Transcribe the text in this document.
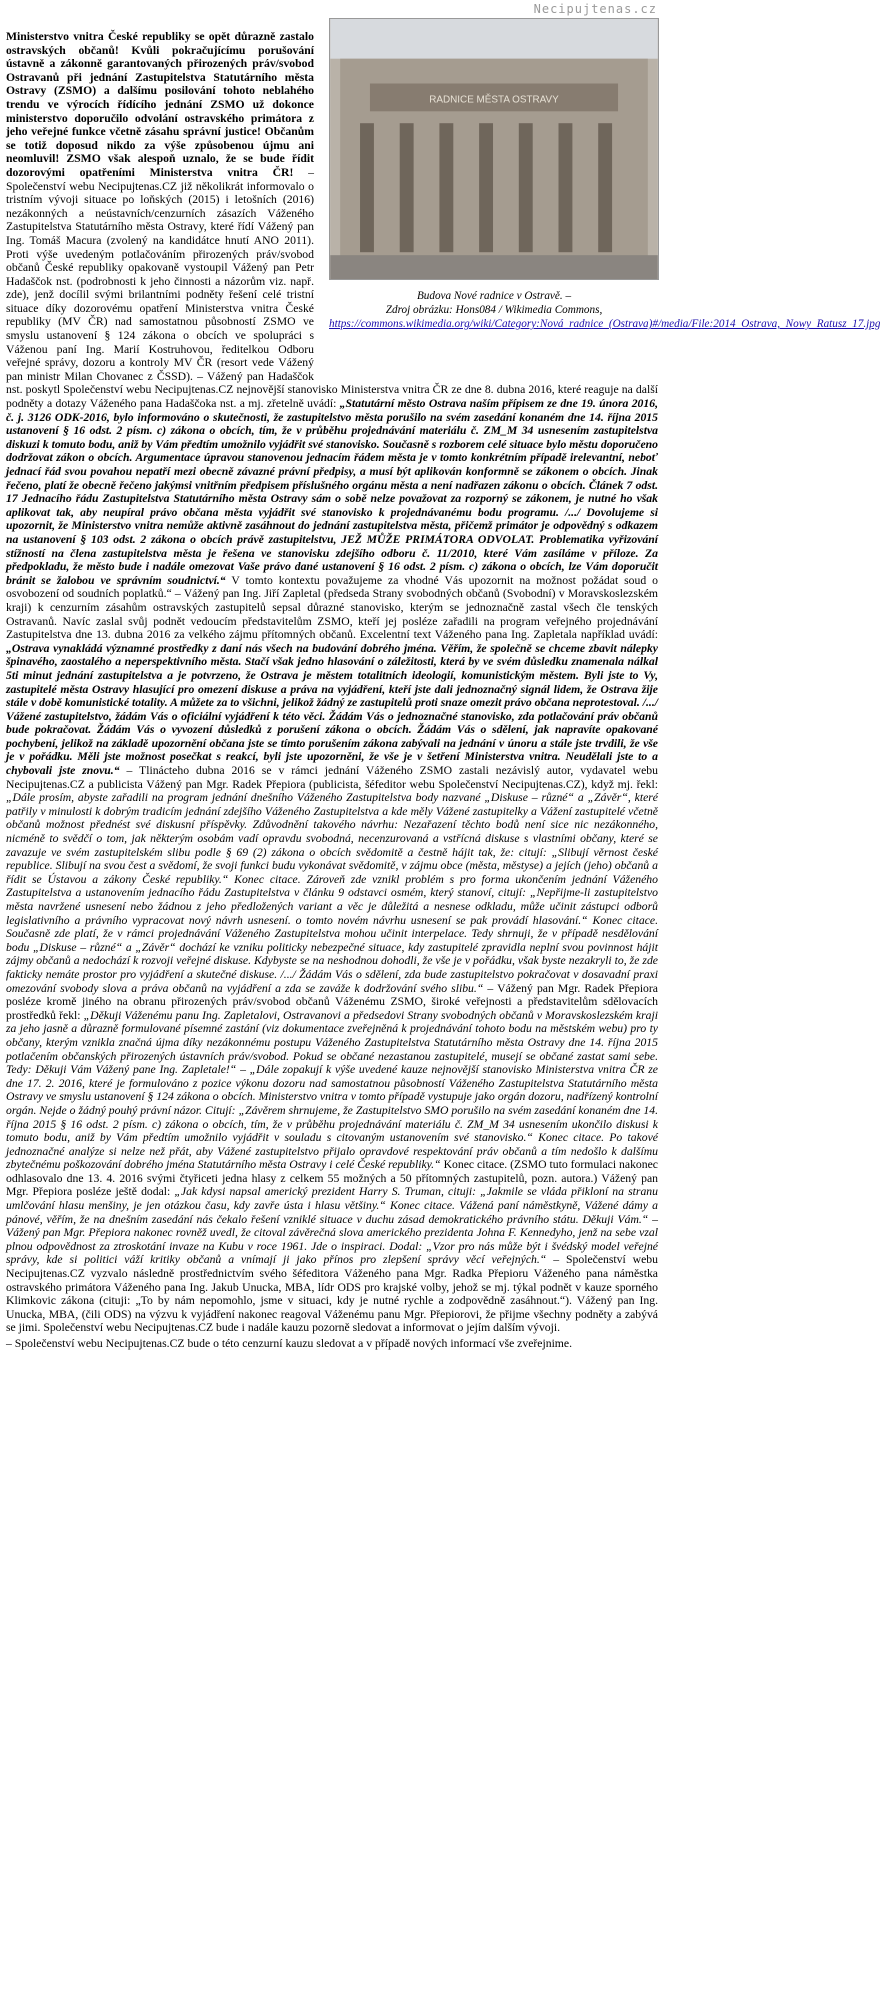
Necipujtenas.cz
RADNICE MĚSTA OSTRAVY
Budova Nové radnice v Ostravě. –
Zdroj obrázku: Hons084 / Wikimedia Commons,
https://commons.wikimedia.org/wiki/Category:Nová_radnice_(Ostrava)#/media/File:2014_Ostrava,_Nowy_Ratusz_17.jpg

Ministerstvo vnitra České republiky se opět důrazně zastalo ostravských občanů! Kvůli pokračujícímu porušování ústavně a zákonně garantovaných přirozených práv/svobod Ostravanů při jednání Zastupitelstva Statutárního města Ostravy (ZSMO) a dalšímu posilování tohoto neblahého trendu ve výrocích řídícího jednání ZSMO už dokonce ministerstvo doporučilo odvolání ostravského primátora z jeho veřejné funkce včetně zásahu správní justice! Občanům se totiž doposud nikdo za výše způsobenou újmu ani neomluvil! ZSMO však alespoň uznalo, že se bude řídit dozorovými opatřeními Ministerstva vnitra ČR! – Společenství webu Necipujtenas.CZ již několikrát informovalo o tristním vývoji situace po loňských (2015) i letošních (2016) nezákonných a neústavních/cenzurních zásazích Váženého Zastupitelstva Statutárního města Ostravy, které řídí Vážený pan Ing. Tomáš Macura (zvolený na kandidátce hnutí ANO 2011). Proti výše uvedeným potlačováním přirozených práv/svobod občanů České republiky opakovaně vystoupil Vážený pan Petr Hadaščok nst. (podrobnosti k jeho činnosti a názorům viz. např. zde), jenž docílil svými brilantními podněty řešení celé tristní situace díky dozorovému opatření Ministerstva vnitra České republiky (MV ČR) nad samostatnou působností ZSMO ve smyslu ustanovení § 124 zákona o obcích ve spolupráci s Váženou paní Ing. Marií Kostruhovou, ředitelkou Odboru veřejné správy, dozoru a kontroly MV ČR (resort vede Vážený pan ministr Milan Chovanec z ČSSD). – Vážený pan Hadaščok nst. poskytl Společenství webu Necipujtenas.CZ nejnovější stanovisko Ministerstva vnitra ČR ze dne 8. dubna 2016, které reaguje na další podněty a dotazy Váženého pana Hadaščoka nst. a mj. zřetelně uvádí: „Statutární město Ostrava naším přípisem ze dne 19. února 2016, č. j. 3126 ODK-2016, bylo informováno o skutečnosti, že zastupitelstvo města porušilo na svém zasedání konaném dne 14. října 2015 ustanovení § 16 odst. 2 písm. c) zákona o obcích, tím, že v průběhu projednávání materiálu č. ZM_M 34 usnesením zastupitelstva diskuzi k tomuto bodu, aniž by Vám předtím umožnilo vyjádřit své stanovisko. Současně s rozborem celé situace bylo městu doporučeno dodržovat zákon o obcích. Argumentace úpravou stanovenou jednacím řádem města je v tomto konkrétním případě irelevantní, neboť jednací řád svou povahou nepatří mezi obecně závazné právní předpisy, a musí být aplikován konformně se zákonem o obcích. Jinak řečeno, platí že obecně řečeno jakýmsi vnitřním předpisem příslušného orgánu města a není nadřazen zákonu o obcích. Článek 7 odst. 17 Jednacího řádu Zastupitelstva Statutárního města Ostravy sám o sobě nelze považovat za rozporný se zákonem, je nutné ho však aplikovat tak, aby neupíral právo občana města vyjádřit své stanovisko k projednávanému bodu programu. /.../ Dovolujeme si upozornit, že Ministerstvo vnitra nemůže aktivně zasáhnout do jednání zastupitelstva města, přičemž primátor je odpovědný s odkazem na ustanovení § 103 odst. 2 zákona o obcích právě zastupitelstvu, JEŽ MŮŽE PRIMÁTORA ODVOLAT. Problematika vyřizování stížností na člena zastupitelstva města je řešena ve stanovisku zdejšího odboru č. 11/2010, které Vám zasíláme v příloze. Za předpokladu, že město bude i nadále omezovat Vaše právo dané ustanovení § 16 odst. 2 písm. c) zákona o obcích, lze Vám doporučit bránit se žalobou ve správním soudnictví.“ V tomto kontextu považujeme za vhodné Vás upozornit na možnost požádat soud o osvobození od soudních poplatků.“ – Vážený pan Ing. Jiří Zapletal (předseda Strany svobodných občanů (Svobodní) v Moravskoslezském kraji) k cenzurním zásahům ostravských zastupitelů sepsal důrazné stanovisko, kterým se jednoznačně zastal všech čle tenských Ostravanů. Navíc zaslal svůj podnět vedoucím představitelům ZSMO, kteří jej posléze zařadili na program veřejného projednávání Zastupitelstva dne 13. dubna 2016 za velkého zájmu přítomných občanů. Excelentní text Váženého pana Ing. Zapletala například uvádí: „Ostrava vynakládá významné prostředky z daní nás všech na budování dobrého jména. Věřím, že společně se chceme zbavit nálepky špinavého, zaostalého a neperspektivního města. Stačí však jedno hlasování o záležitosti, která by ve svém důsledku znamenala nálkal 5ti minut jednání zastupitelstva a je potvrzeno, že Ostrava je městem totalitních ideologií, komunistickým městem. Byli jste to Vy, zastupitelé města Ostravy hlasující pro omezení diskuse a práva na vyjádření, kteří jste dali jednoznačný signál lidem, že Ostrava žije stále v době komunistické totality. A můžete za to všichni, jelikož žádný ze zastupitelů proti snaze omezit právo občana neprotestoval. /.../ Vážené zastupitelstvo, žádám Vás o oficiální vyjádření k této věci. Žádám Vás o jednoznačné stanovisko, zda potlačování práv občanů bude pokračovat. Žádám Vás o vyvození důsledků z porušení zákona o obcích. Žádám Vás o sdělení, jak napravíte opakované pochybení, jelikož na základě upozornění občana jste se tímto porušením zákona zabývali na jednání v únoru a stále jste trvdili, že vše je v pořádku. Měli jste možnost posečkat s reakcí, byli jste upozorněni, že vše je v šetření Ministerstva vnitra. Neudělali jste to a chybovali jste znovu.“ – Tlinácteho dubna 2016 se v rámci jednání Váženého ZSMO zastali nezávislý autor, vydavatel webu Necipujtenas.CZ a publicista Vážený pan Mgr. Radek Přepiora (publicista, šéfeditor webu Společenství Necipujtenas.CZ), když mj. řekl: „Dále prosím, abyste zařadili na program jednání dnešního Váženého Zastupitelstva body nazvané „Diskuse – různé“ a „Závěr“, které patřily v minulosti k dobrým tradicím jednání zdejšího Váženého Zastupitelstva a kde měly Vážené zastupitelky a Vážení zastupitelé včetně občanů možnost přednést své diskusní příspěvky. Zdůvodnění takového návrhu: Nezařazení těchto bodů není sice nic nezákonného, nicméně to svědčí o tom, jak některým osobám vadí opravdu svobodná, necenzurovaná a vstřícná diskuse s vlastními občany, které se zavazuje ve svém zastupitelském slibu podle § 69 (2) zákona o obcích svědomitě a čestně hájit tak, že: citují: „Slibují věrnost české republice. Slibují na svou čest a svědomí, že svoji funkci budu vykonávat svědomitě, v zájmu obce (města, městyse) a jejích (jeho) občanů a řídit se Ústavou a zákony České republiky.“ Konec citace. Zároveň zde vznikl problém s pro forma ukončením jednání Váženého Zastupitelstva a ustanovením jednacího řádu Zastupitelstva v článku 9 odstavci osmém, který stanoví, citují: „Nepřijme-li zastupitelstvo města navržené usnesení nebo žádnou z jeho předložených variant a věc je důležitá a nesnese odkladu, může učinit zástupci odborů legislativního a právního vypracovat nový návrh usnesení. o tomto novém návrhu usnesení se pak provádí hlasování.“ Konec citace. Současně zde platí, že v rámci projednávání Váženého Zastupitelstva mohou učinit interpelace. Tedy shrnuji, že v případě nesdělování bodu „Diskuse – různé“ a „Závěr“ dochází ke vzniku politicky nebezpečné situace, kdy zastupitelé zpravidla neplní svou povinnost hájit zájmy občanů a nedochází k rozvoji veřejné diskuse. Kdybyste se na neshodnou dohodli, že vše je v pořádku, však byste nezakryli to, že zde fakticky nemáte prostor pro vyjádření a skutečné diskuse. /.../ Žádám Vás o sdělení, zda bude zastupitelstvo pokračovat v dosavadní praxi omezování svobody slova a práva občanů na vyjádření a zda se zaváže k dodržování svého slibu.“ – Vážený pan Mgr. Radek Přepiora posléze kromě jiného na obranu přirozených práv/svobod občanů Váženému ZSMO, široké veřejnosti a představitelům sdělovacích prostředků řekl: „Děkuji Váženému panu Ing. Zapletalovi, Ostravanovi a předsedovi Strany svobodných občanů v Moravskoslezském kraji za jeho jasně a důrazně formulované písemné zastání (viz dokumentace zveřejněná k projednávání tohoto bodu na městském webu) pro ty občany, kterým vznikla značná újma díky nezákonnému postupu Váženého Zastupitelstva Statutárního města Ostravy dne 14. října 2015 potlačením občanských přirozených ústavních práv/svobod. Pokud se občané nezastanou zastupitelé, musejí se občané zastat sami sebe. Tedy: Děkuji Vám Vážený pane Ing. Zapletale!“ – „Dále zopakují k výše uvedené kauze nejnovější stanovisko Ministerstva vnitra ČR ze dne 17. 2. 2016, které je formulováno z pozice výkonu dozoru nad samostatnou působností Váženého Zastupitelstva Statutárního města Ostravy ve smyslu ustanovení § 124 zákona o obcích. Ministerstvo vnitra v tomto případě vystupuje jako orgán dozoru, nadřízený kontrolní orgán. Nejde o žádný pouhý právní názor. Citují: „Závěrem shrnujeme, že Zastupitelstvo SMO porušilo na svém zasedání konaném dne 14. října 2015 § 16 odst. 2 písm. c) zákona o obcích, tím, že v průběhu projednávání materiálu č. ZM_M 34 usnesením ukončilo diskusi k tomuto bodu, aniž by Vám předtím umožnilo vyjádřit v souladu s citovaným ustanovením své stanovisko.“ Konec citace. Po takové jednoznačné analýze si nelze než přát, aby Vážené zastupitelstvo přijalo opravdové respektování práv občanů a tím nedošlo k dalšímu zbytečnému poškozování dobrého jména Statutárního města Ostravy i celé České republiky.“ Konec citace. (ZSMO tuto formulaci nakonec odhlasovalo dne 13. 4. 2016 svými čtyřiceti jedna hlasy z celkem 55 možných a 50 přítomných zastupitelů, pozn. autora.) Vážený pan Mgr. Přepiora posléze ještě dodal: „Jak kdysi napsal americký prezident Harry S. Truman, cituji: „Jakmile se vláda přikloní na stranu umlčování hlasu menšiny, je jen otázkou času, kdy zavře ústa i hlasu většiny.“ Konec citace. Vážená paní náměstkyně, Vážené dámy a pánové, věřím, že na dnešním zasedání nás čekalo řešení vzniklé situace v duchu zásad demokratického právního státu. Děkuji Vám.“ – Vážený pan Mgr. Přepiora nakonec rovněž uvedl, že citoval závěrečná slova amerického prezidenta Johna F. Kennedyho, jenž na sebe vzal plnou odpovědnost za ztroskotání invaze na Kubu v roce 1961. Jde o inspiraci. Dodal: „Vzor pro nás může být i švédský model veřejné správy, kde si politici váží kritiky občanů a vnímají ji jako přínos pro zlepšení správy věcí veřejných.“ – Společenství webu Necipujtenas.CZ vyzvalo následně prostřednictvím svého šéfeditora Váženého pana Mgr. Radka Přepioru Váženého pana náměstka ostravského primátora Váženého pana Ing. Jakub Unucka, MBA, lídr ODS pro krajské volby, jehož se mj. týkal podnět v kauze sporného Klimkovic zákona (cituji: „To by nám nepomohlo, jsme v situaci, kdy je nutné rychle a zodpovědně zasáhnout.“). Vážený pan Ing. Unucka, MBA, (čili ODS) na výzvu k vyjádření nakonec reagoval Váženému panu Mgr. Přepiorovi, že přijme všechny podněty a zabývá se jimi. Společenství webu Necipujtenas.CZ bude i nadále kauzu pozorně sledovat a informovat o jejím dalším vývoji.

– Společenství webu Necipujtenas.CZ bude o této cenzurní kauzu sledovat a v případě nových informací vše zveřejnime.
